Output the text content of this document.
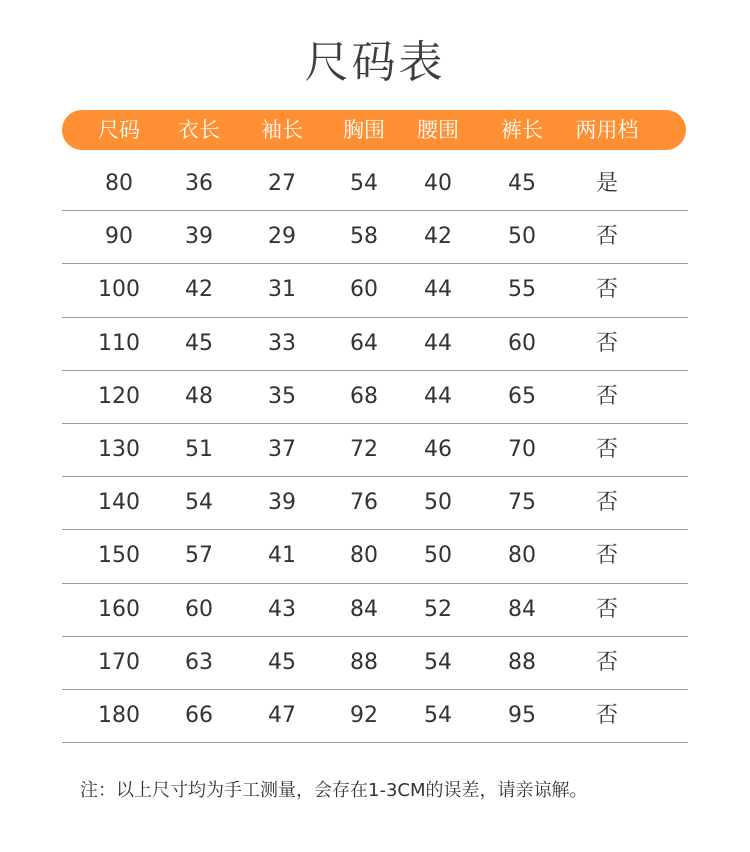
尺码表
尺码 衣长 袖长 胸围 腰围 裤长 两用档
80 36	27 54 40	45	是
90 39	29 58 42	50	否
100 42	31 60 44	55	否
110 45	33 64 44	60	否
120 48	35 68 44	65	否
130 51	37 72 46	70	否
140 54	39 76 50	75	否
150 57	41 80 50	80	否
160 60	43 84 52	84	否
170 63	45 88 54	88	否
180 66	47 92 54	95	否
注：以上尺寸均为手工测量，会存在1-3CM的误差，请亲谅解。
